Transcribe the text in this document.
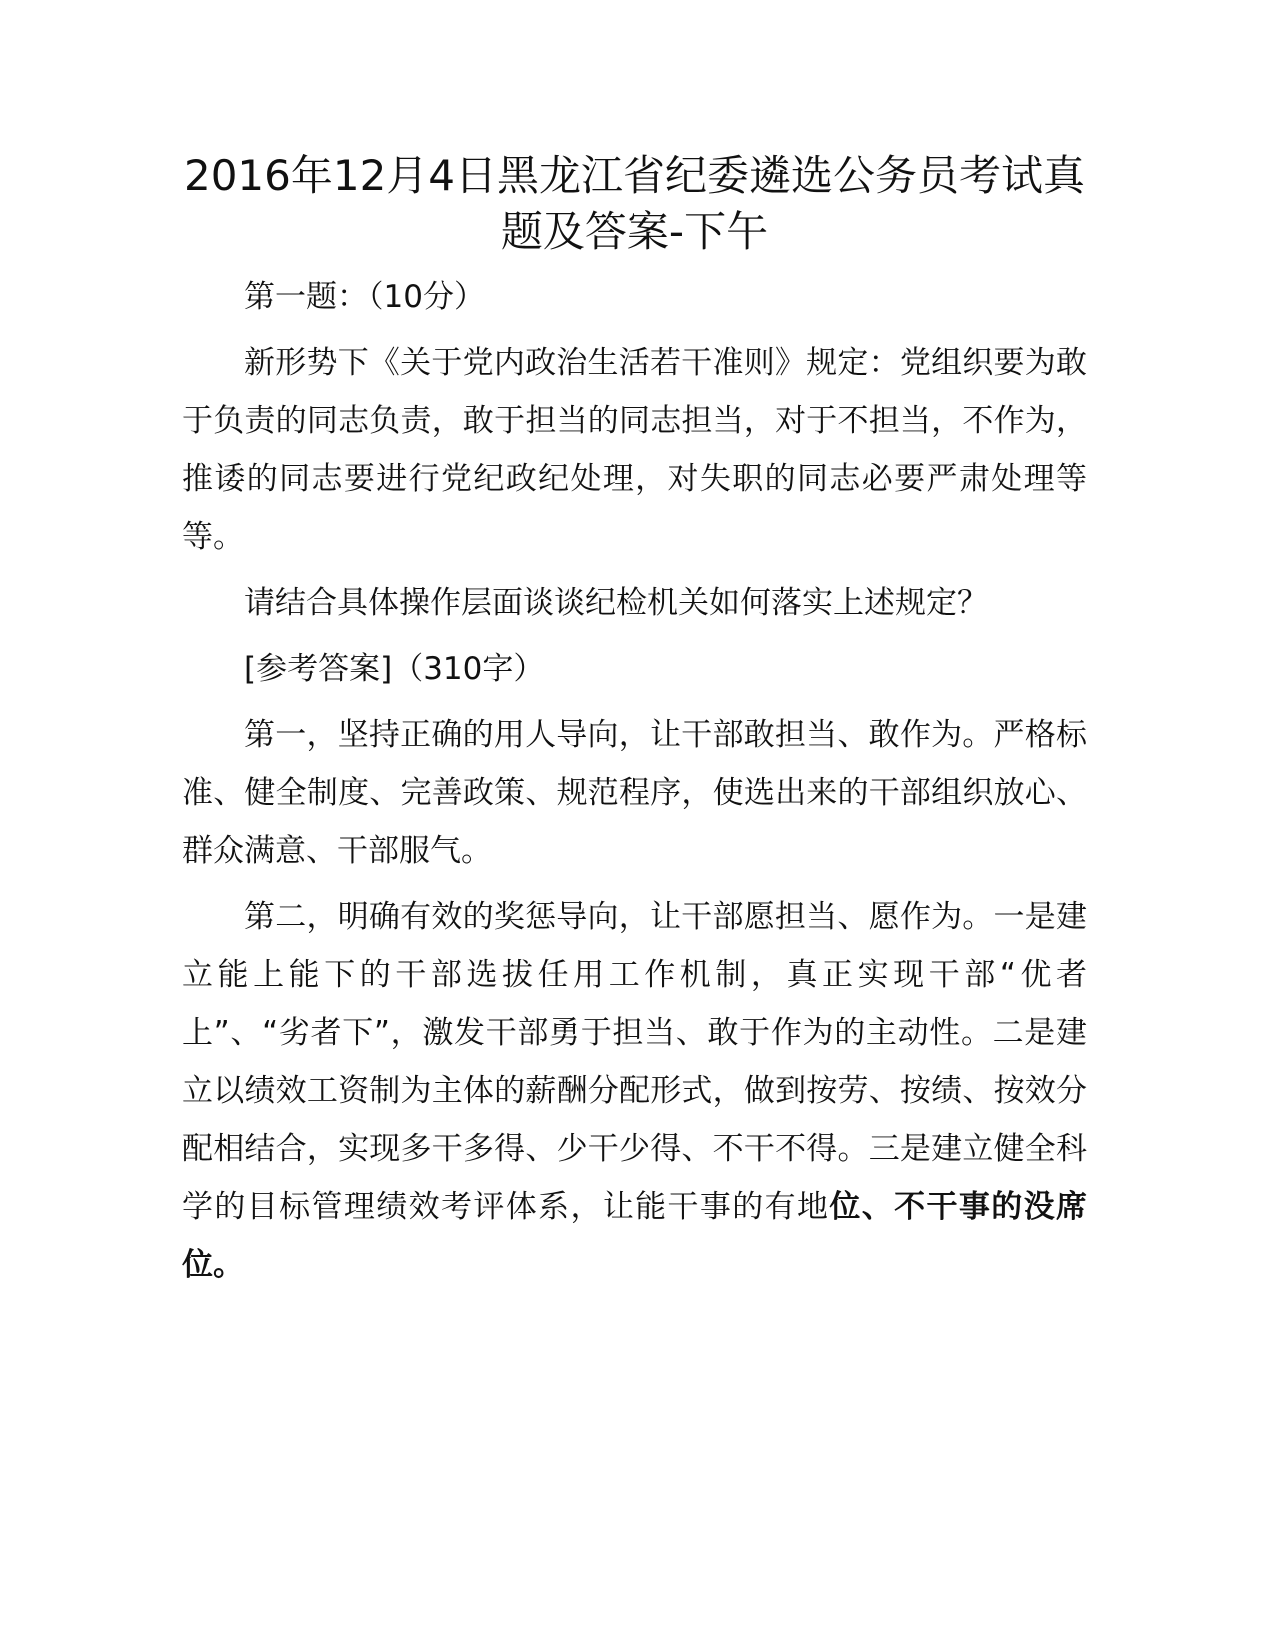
2016年12月4日黑龙江省纪委遴选公务员考试真题及答案-下午

第一题：（10分）

新形势下《关于党内政治生活若干准则》规定：党组织要为敢于负责的同志负责，敢于担当的同志担当，对于不担当，不作为，推诿的同志要进行党纪政纪处理，对失职的同志必要严肃处理等等。

请结合具体操作层面谈谈纪检机关如何落实上述规定？

[参考答案]（310字）

第一，坚持正确的用人导向，让干部敢担当、敢作为。严格标准、健全制度、完善政策、规范程序，使选出来的干部组织放心、群众满意、干部服气。

第二，明确有效的奖惩导向，让干部愿担当、愿作为。一是建立能上能下的干部选拔任用工作机制，真正实现干部“优者上”、“劣者下”，激发干部勇于担当、敢于作为的主动性。二是建立以绩效工资制为主体的薪酬分配形式，做到按劳、按绩、按效分配相结合，实现多干多得、少干少得、不干不得。三是建立健全科学的目标管理绩效考评体系，让能干事的有地位、不干事的没席位。
